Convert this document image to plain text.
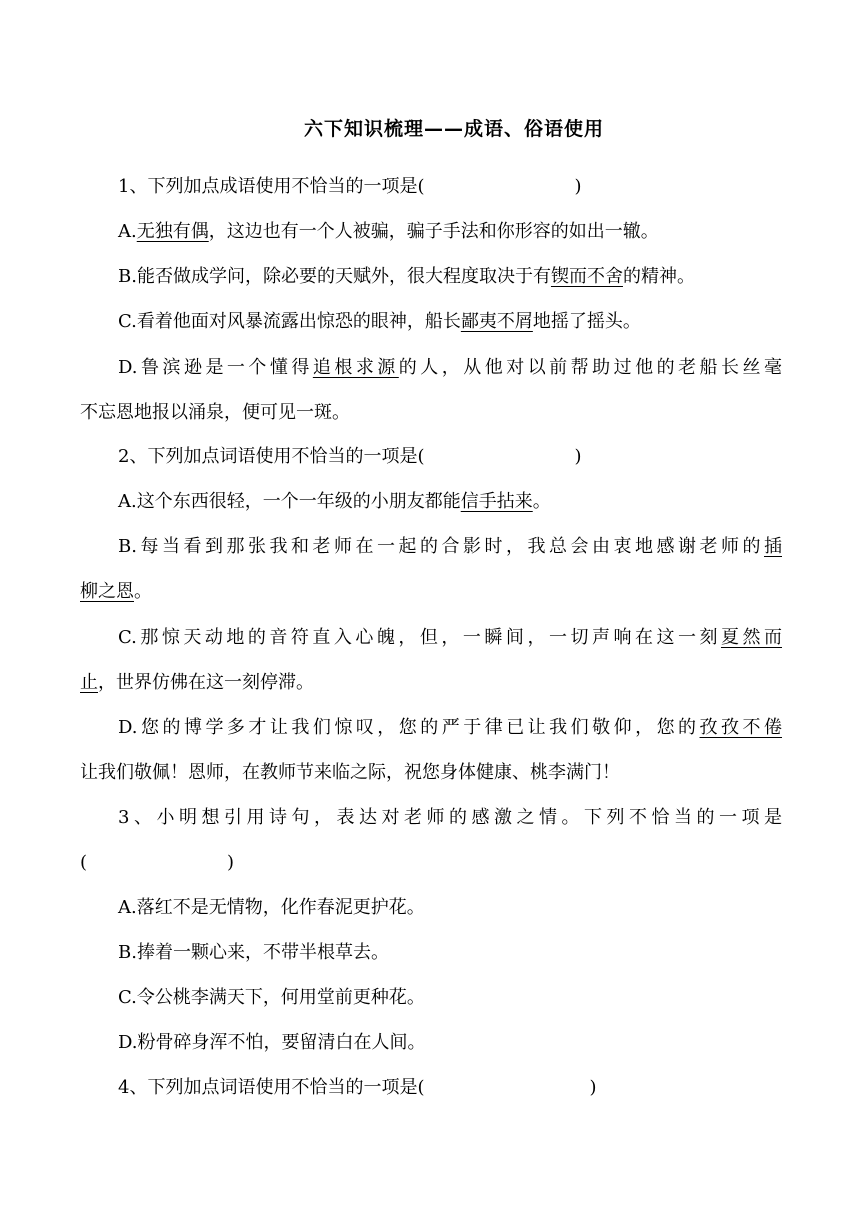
六下知识梳理——成语、俗语使用
1、下列加点成语使用不恰当的一项是(	)
A.无独有偶，这边也有一个人被骗，骗子手法和你形容的如出一辙。
B.能否做成学问，除必要的天赋外，很大程度取决于有锲而不舍的精神。
C.看着他面对风暴流露出惊恐的眼神，船长鄙夷不屑地摇了摇头。
D.鲁滨逊是一个懂得追根求源的人，从他对以前帮助过他的老船长丝毫
不忘恩地报以涌泉，便可见一斑。
2、下列加点词语使用不恰当的一项是(	)
A.这个东西很轻，一个一年级的小朋友都能信手拈来。
B.每当看到那张我和老师在一起的合影时，我总会由衷地感谢老师的插
柳之恩。
C.那惊天动地的音符直入心魄，但，一瞬间，一切声响在这一刻夏然而
止，世界仿佛在这一刻停滞。
D.您的博学多才让我们惊叹，您的严于律已让我们敬仰，您的孜孜不倦
让我们敬佩！恩师，在教师节来临之际，祝您身体健康、桃李满门！
3、小明想引用诗句，表达对老师的感激之情。下列不恰当的一项是
(	)
A.落红不是无情物，化作春泥更护花。
B.捧着一颗心来，不带半根草去。
C.令公桃李满天下，何用堂前更种花。
D.粉骨碎身浑不怕，要留清白在人间。
4、下列加点词语使用不恰当的一项是(	)
